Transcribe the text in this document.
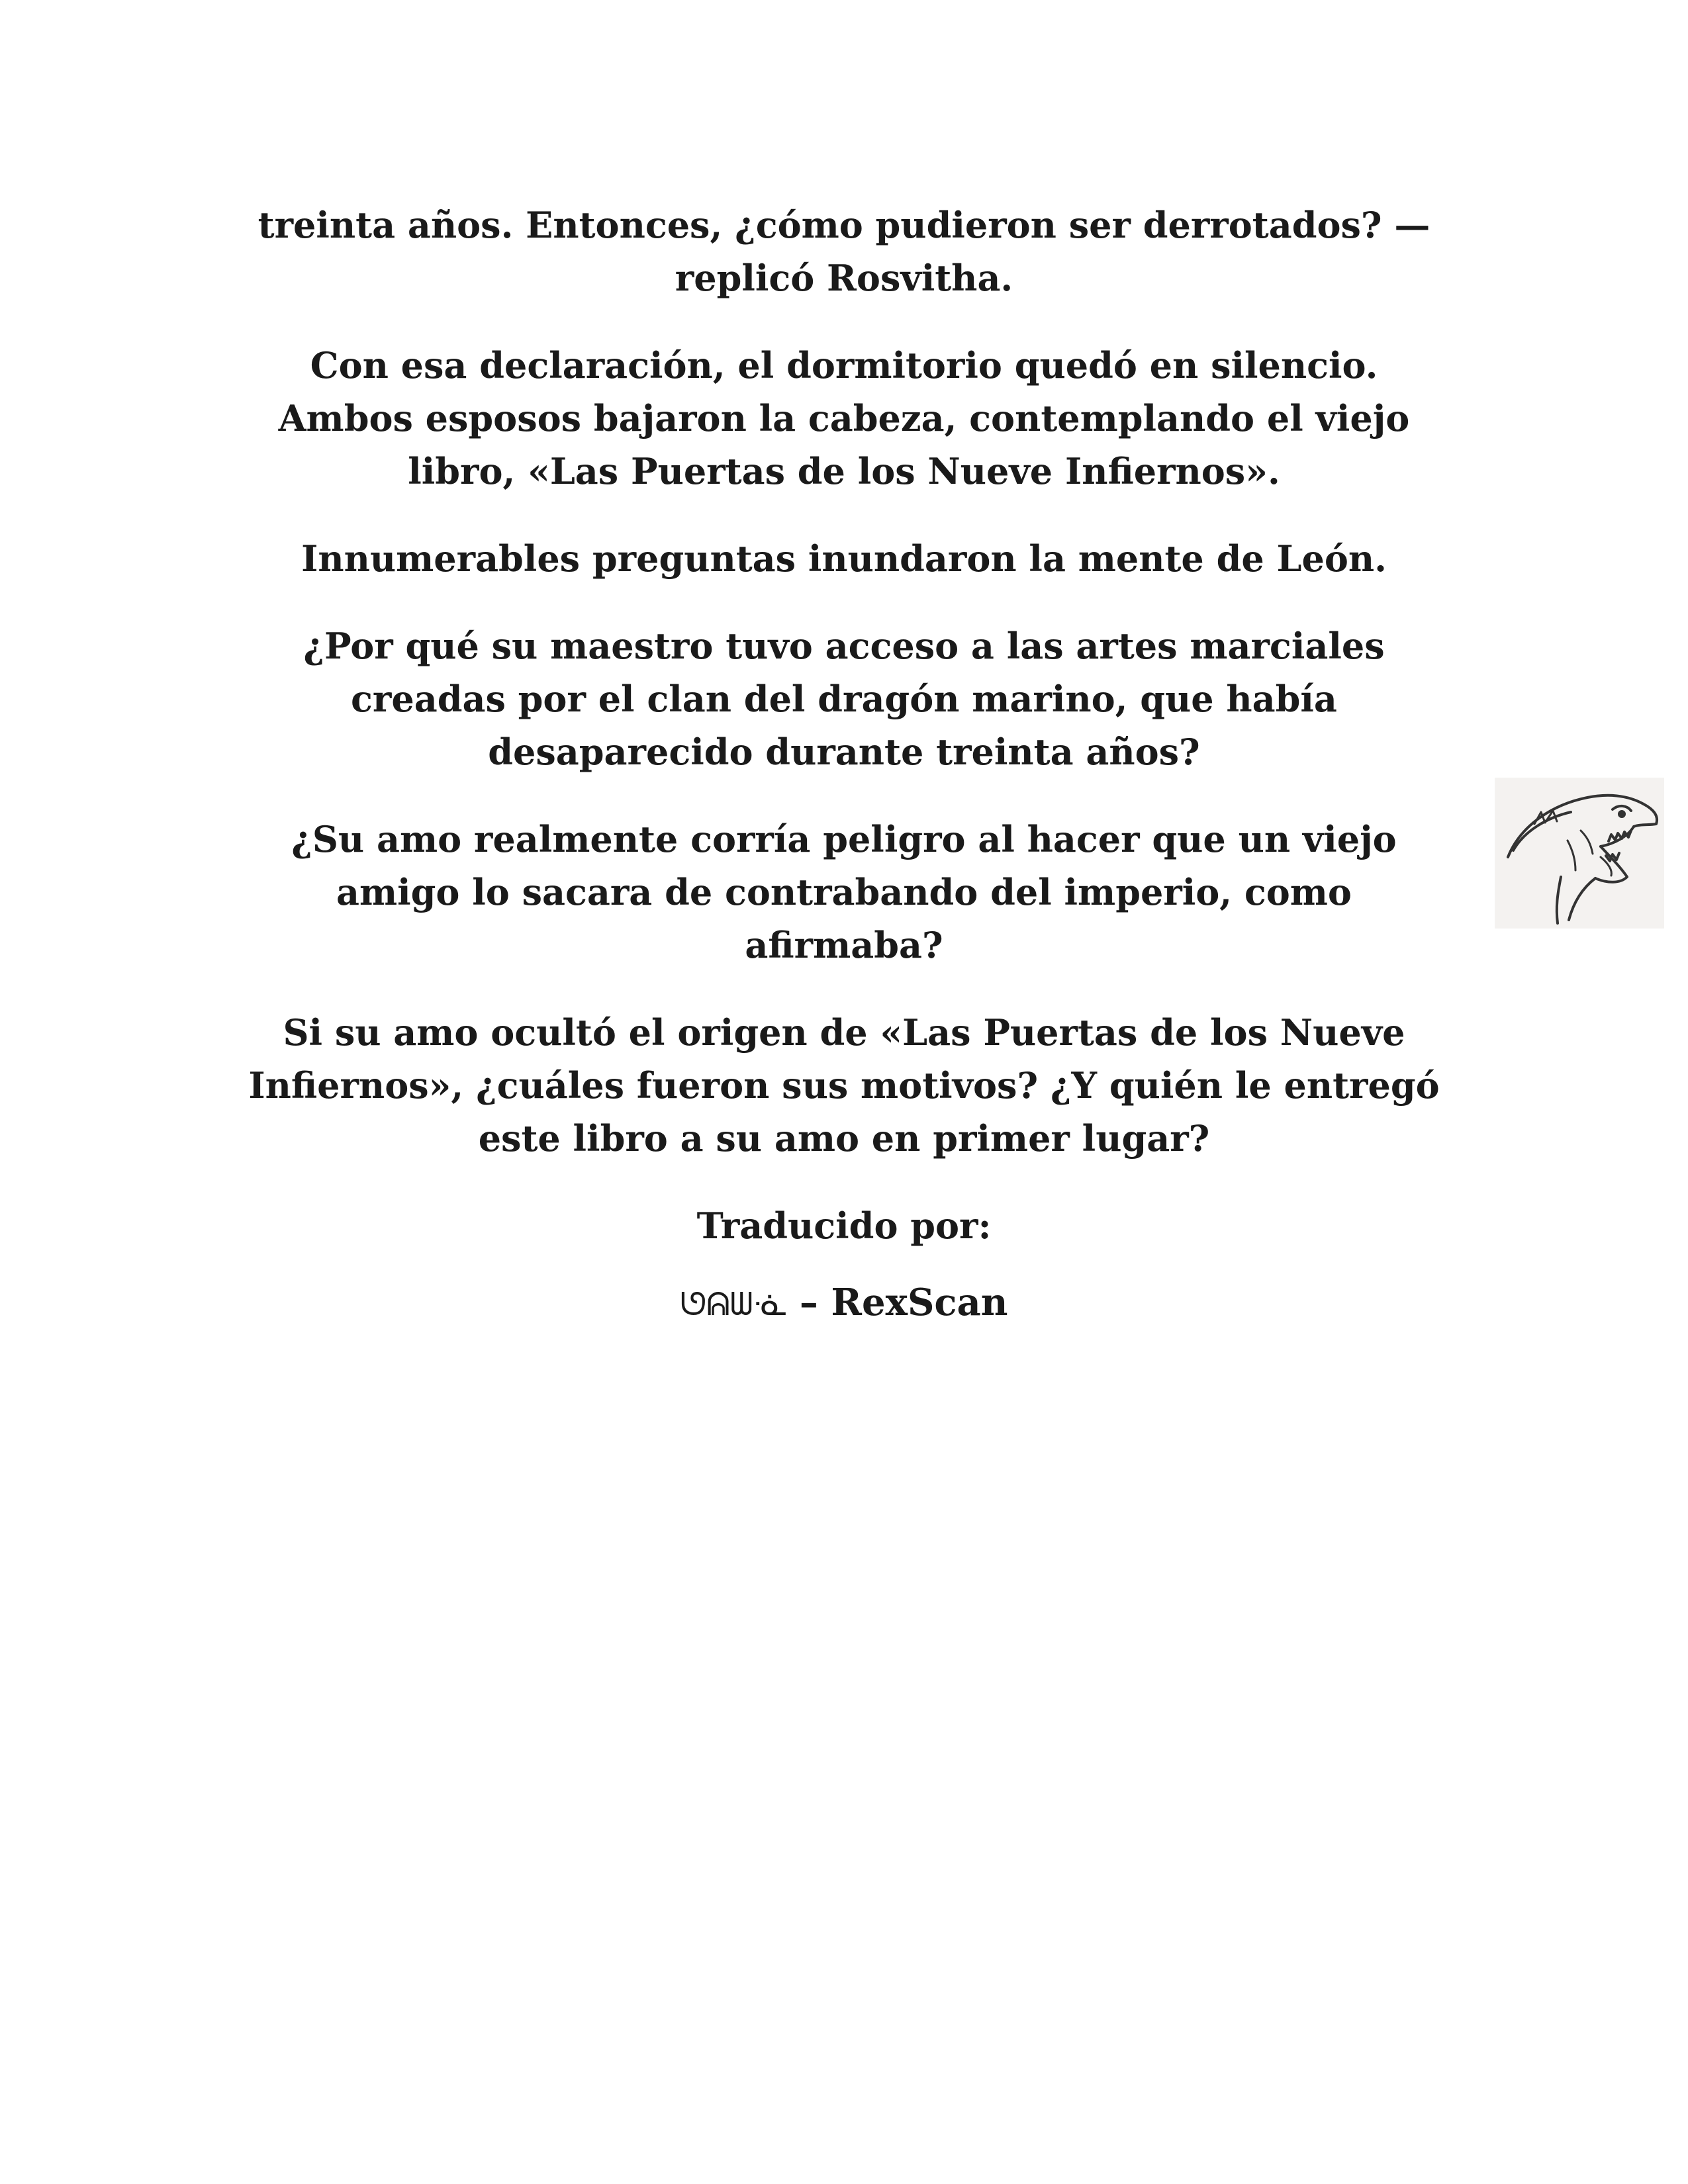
treinta años. Entonces, ¿cómo pudieron ser derrotados? —replicó Rosvitha.

Con esa declaración, el dormitorio quedó en silencio. Ambos esposos bajaron la cabeza, contemplando el viejo libro, «Las Puertas de los Nueve Infiernos».

Innumerables preguntas inundaron la mente de León.

¿Por qué su maestro tuvo acceso a las artes marciales creadas por el clan del dragón marino, que había desaparecido durante treinta años?

¿Su amo realmente corría peligro al hacer que un viejo amigo lo sacara de contrabando del imperio, como afirmaba?

Si su amo ocultó el origen de «Las Puertas de los Nueve Infiernos», ¿cuáles fueron sus motivos? ¿Y quién le entregó este libro a su amo en primer lugar?

Traducido por:

ᘎᕱᗯᓍ – RexScan
